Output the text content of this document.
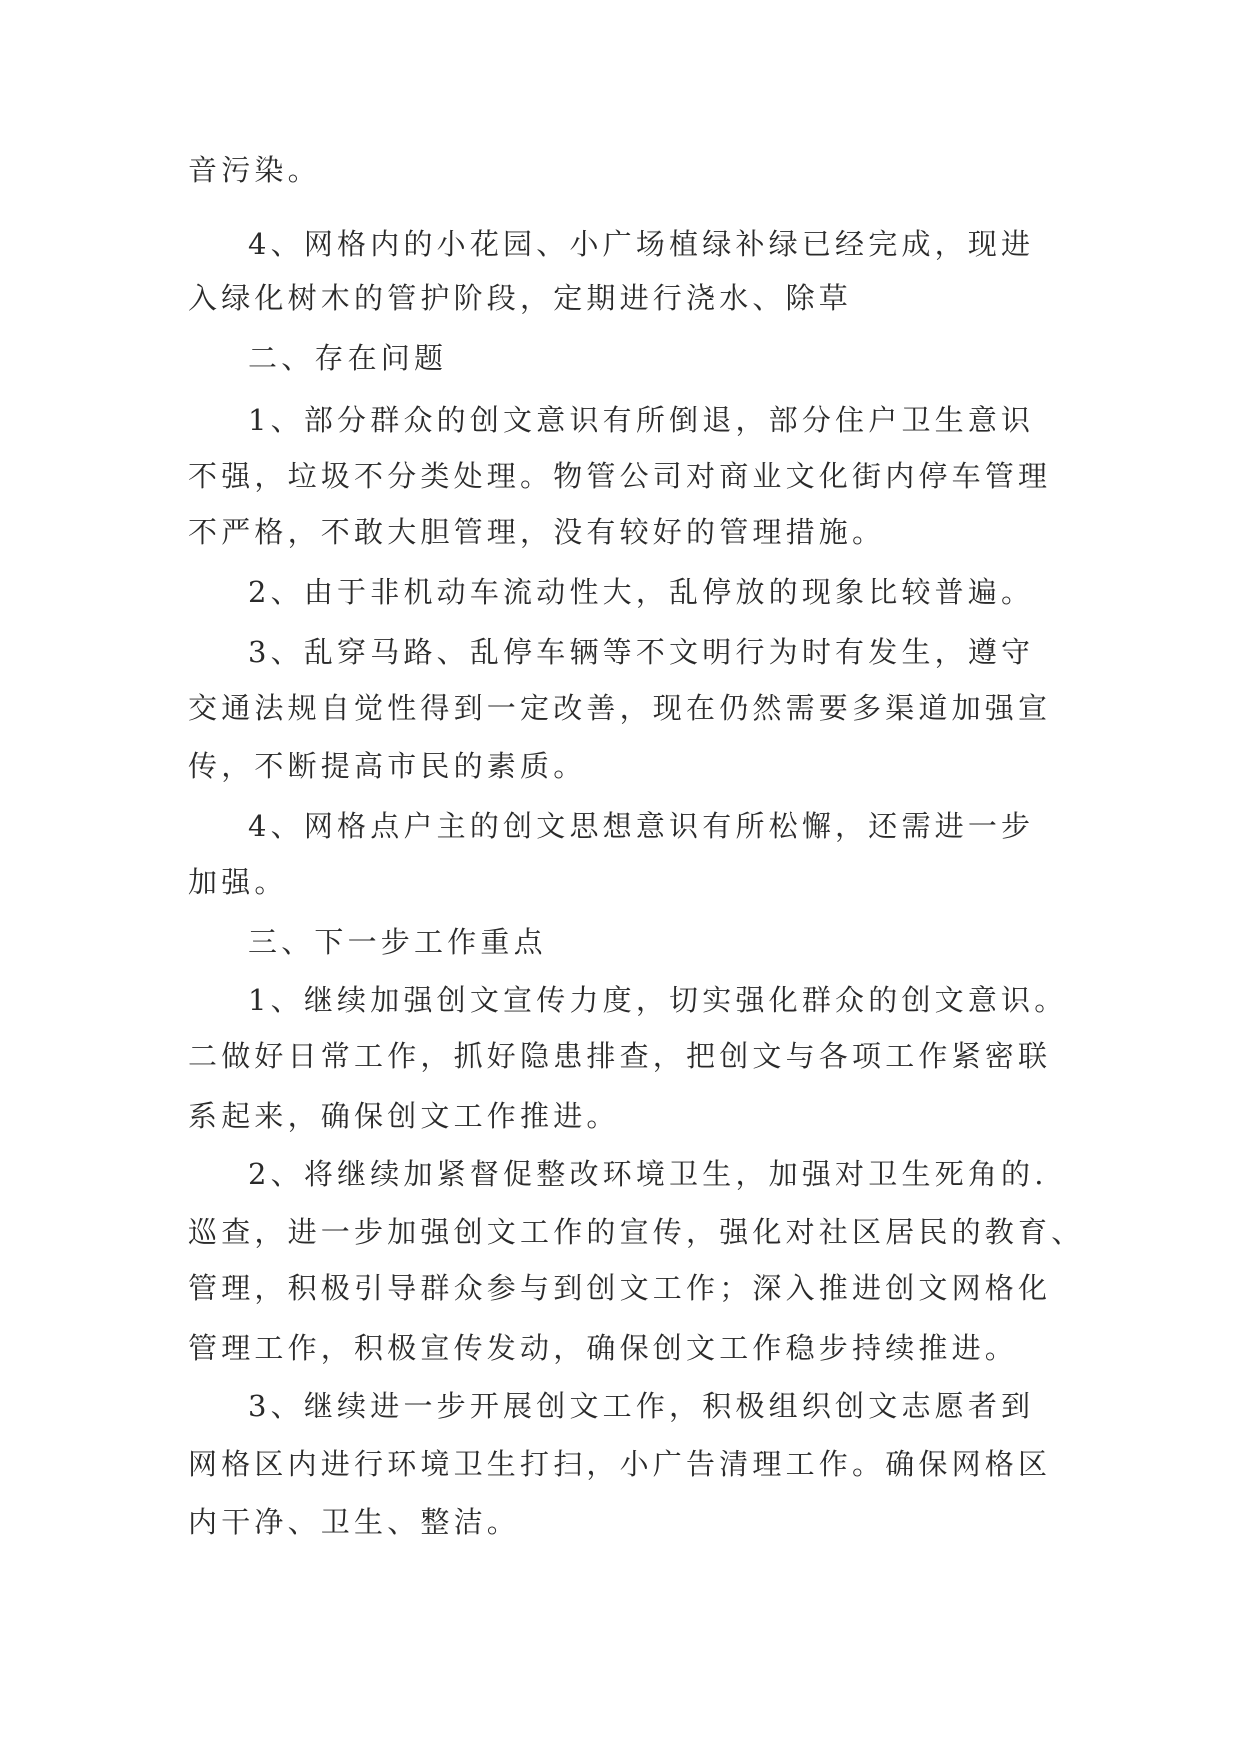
音污染。

4、网格内的小花园、小广场植绿补绿已经完成，现进

入绿化树木的管护阶段，定期进行浇水、除草

二、存在问题

1、部分群众的创文意识有所倒退，部分住户卫生意识

不强，垃圾不分类处理。物管公司对商业文化街内停车管理

不严格，不敢大胆管理，没有较好的管理措施。

2、由于非机动车流动性大，乱停放的现象比较普遍。

3、乱穿马路、乱停车辆等不文明行为时有发生，遵守

交通法规自觉性得到一定改善，现在仍然需要多渠道加强宣

传，不断提高市民的素质。

4、网格点户主的创文思想意识有所松懈，还需进一步

加强。

三、下一步工作重点

1、继续加强创文宣传力度，切实强化群众的创文意识。

二做好日常工作，抓好隐患排查，把创文与各项工作紧密联

系起来，确保创文工作推进。

2、将继续加紧督促整改环境卫生，加强对卫生死角的.

巡查，进一步加强创文工作的宣传，强化对社区居民的教育、

管理，积极引导群众参与到创文工作；深入推进创文网格化

管理工作，积极宣传发动，确保创文工作稳步持续推进。

3、继续进一步开展创文工作，积极组织创文志愿者到

网格区内进行环境卫生打扫，小广告清理工作。确保网格区

内干净、卫生、整洁。
